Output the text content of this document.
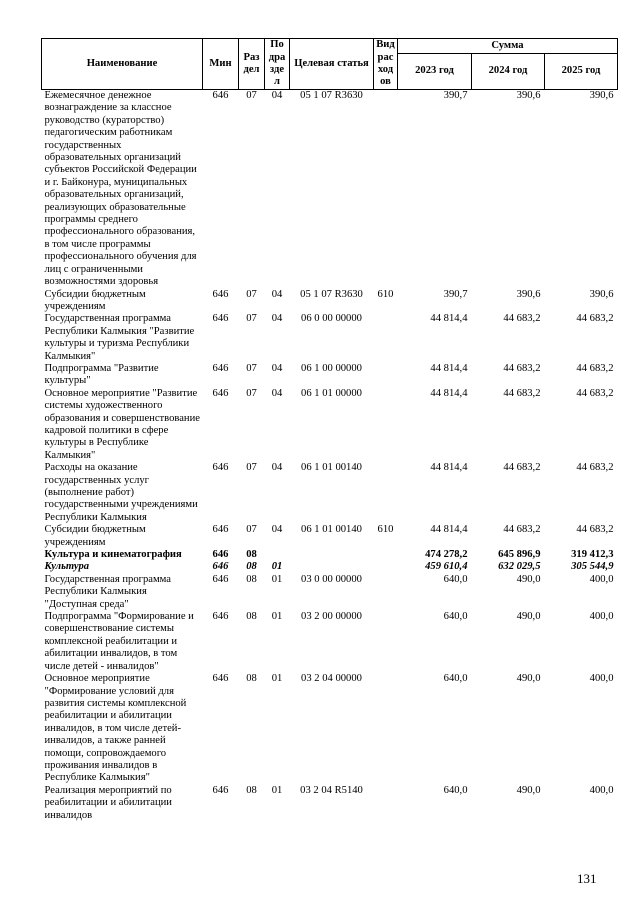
Наименование	Мин	Раз дел	По дра зде л	Целевая статья	Вид рас ход ов	Сумма		
						2023 год	2024 год	2025 год
Ежемесячное денежное вознаграждение за классное руководство (кураторство) педагогическим работникам государственных образовательных организаций субъектов Российской Федерации и г. Байконура, муниципальных образовательных организаций, реализующих образовательные программы среднего профессионального образования, в том числе программы профессионального обучения для лиц с ограниченными возможностями здоровья	646	07	04	05 1 07 R3630		390,7	390,6	390,6
Субсидии бюджетным учреждениям	646	07	04	05 1 07 R3630	610	390,7	390,6	390,6
Государственная программа Республики Калмыкия "Развитие культуры и туризма Республики Калмыкия"	646	07	04	06 0 00 00000		44 814,4	44 683,2	44 683,2
Подпрограмма "Развитие культуры"	646	07	04	06 1 00 00000		44 814,4	44 683,2	44 683,2
Основное мероприятие "Развитие системы художественного образования и совершенствование кадровой политики в сфере культуры в Республике Калмыкия"	646	07	04	06 1 01 00000		44 814,4	44 683,2	44 683,2
Расходы на оказание государственных услуг (выполнение работ) государственными учреждениями Республики Калмыкия	646	07	04	06 1 01 00140		44 814,4	44 683,2	44 683,2
Субсидии бюджетным учреждениям	646	07	04	06 1 01 00140	610	44 814,4	44 683,2	44 683,2
Культура и кинематография	646	08				474 278,2	645 896,9	319 412,3
Культура	646	08	01			459 610,4	632 029,5	305 544,9
Государственная программа Республики Калмыкия "Доступная среда"	646	08	01	03 0 00 00000		640,0	490,0	400,0
Подпрограмма "Формирование и совершенствование системы комплексной реабилитации и абилитации инвалидов, в том числе детей - инвалидов"	646	08	01	03 2 00 00000		640,0	490,0	400,0
Основное мероприятие "Формирование условий для развития системы комплексной реабилитации и абилитации инвалидов, в том числе детей-инвалидов, а также ранней помощи, сопровождаемого проживания инвалидов в Республике Калмыкия"	646	08	01	03 2 04 00000		640,0	490,0	400,0
Реализация мероприятий по реабилитации и абилитации инвалидов	646	08	01	03 2 04 R5140		640,0	490,0	400,0
131
